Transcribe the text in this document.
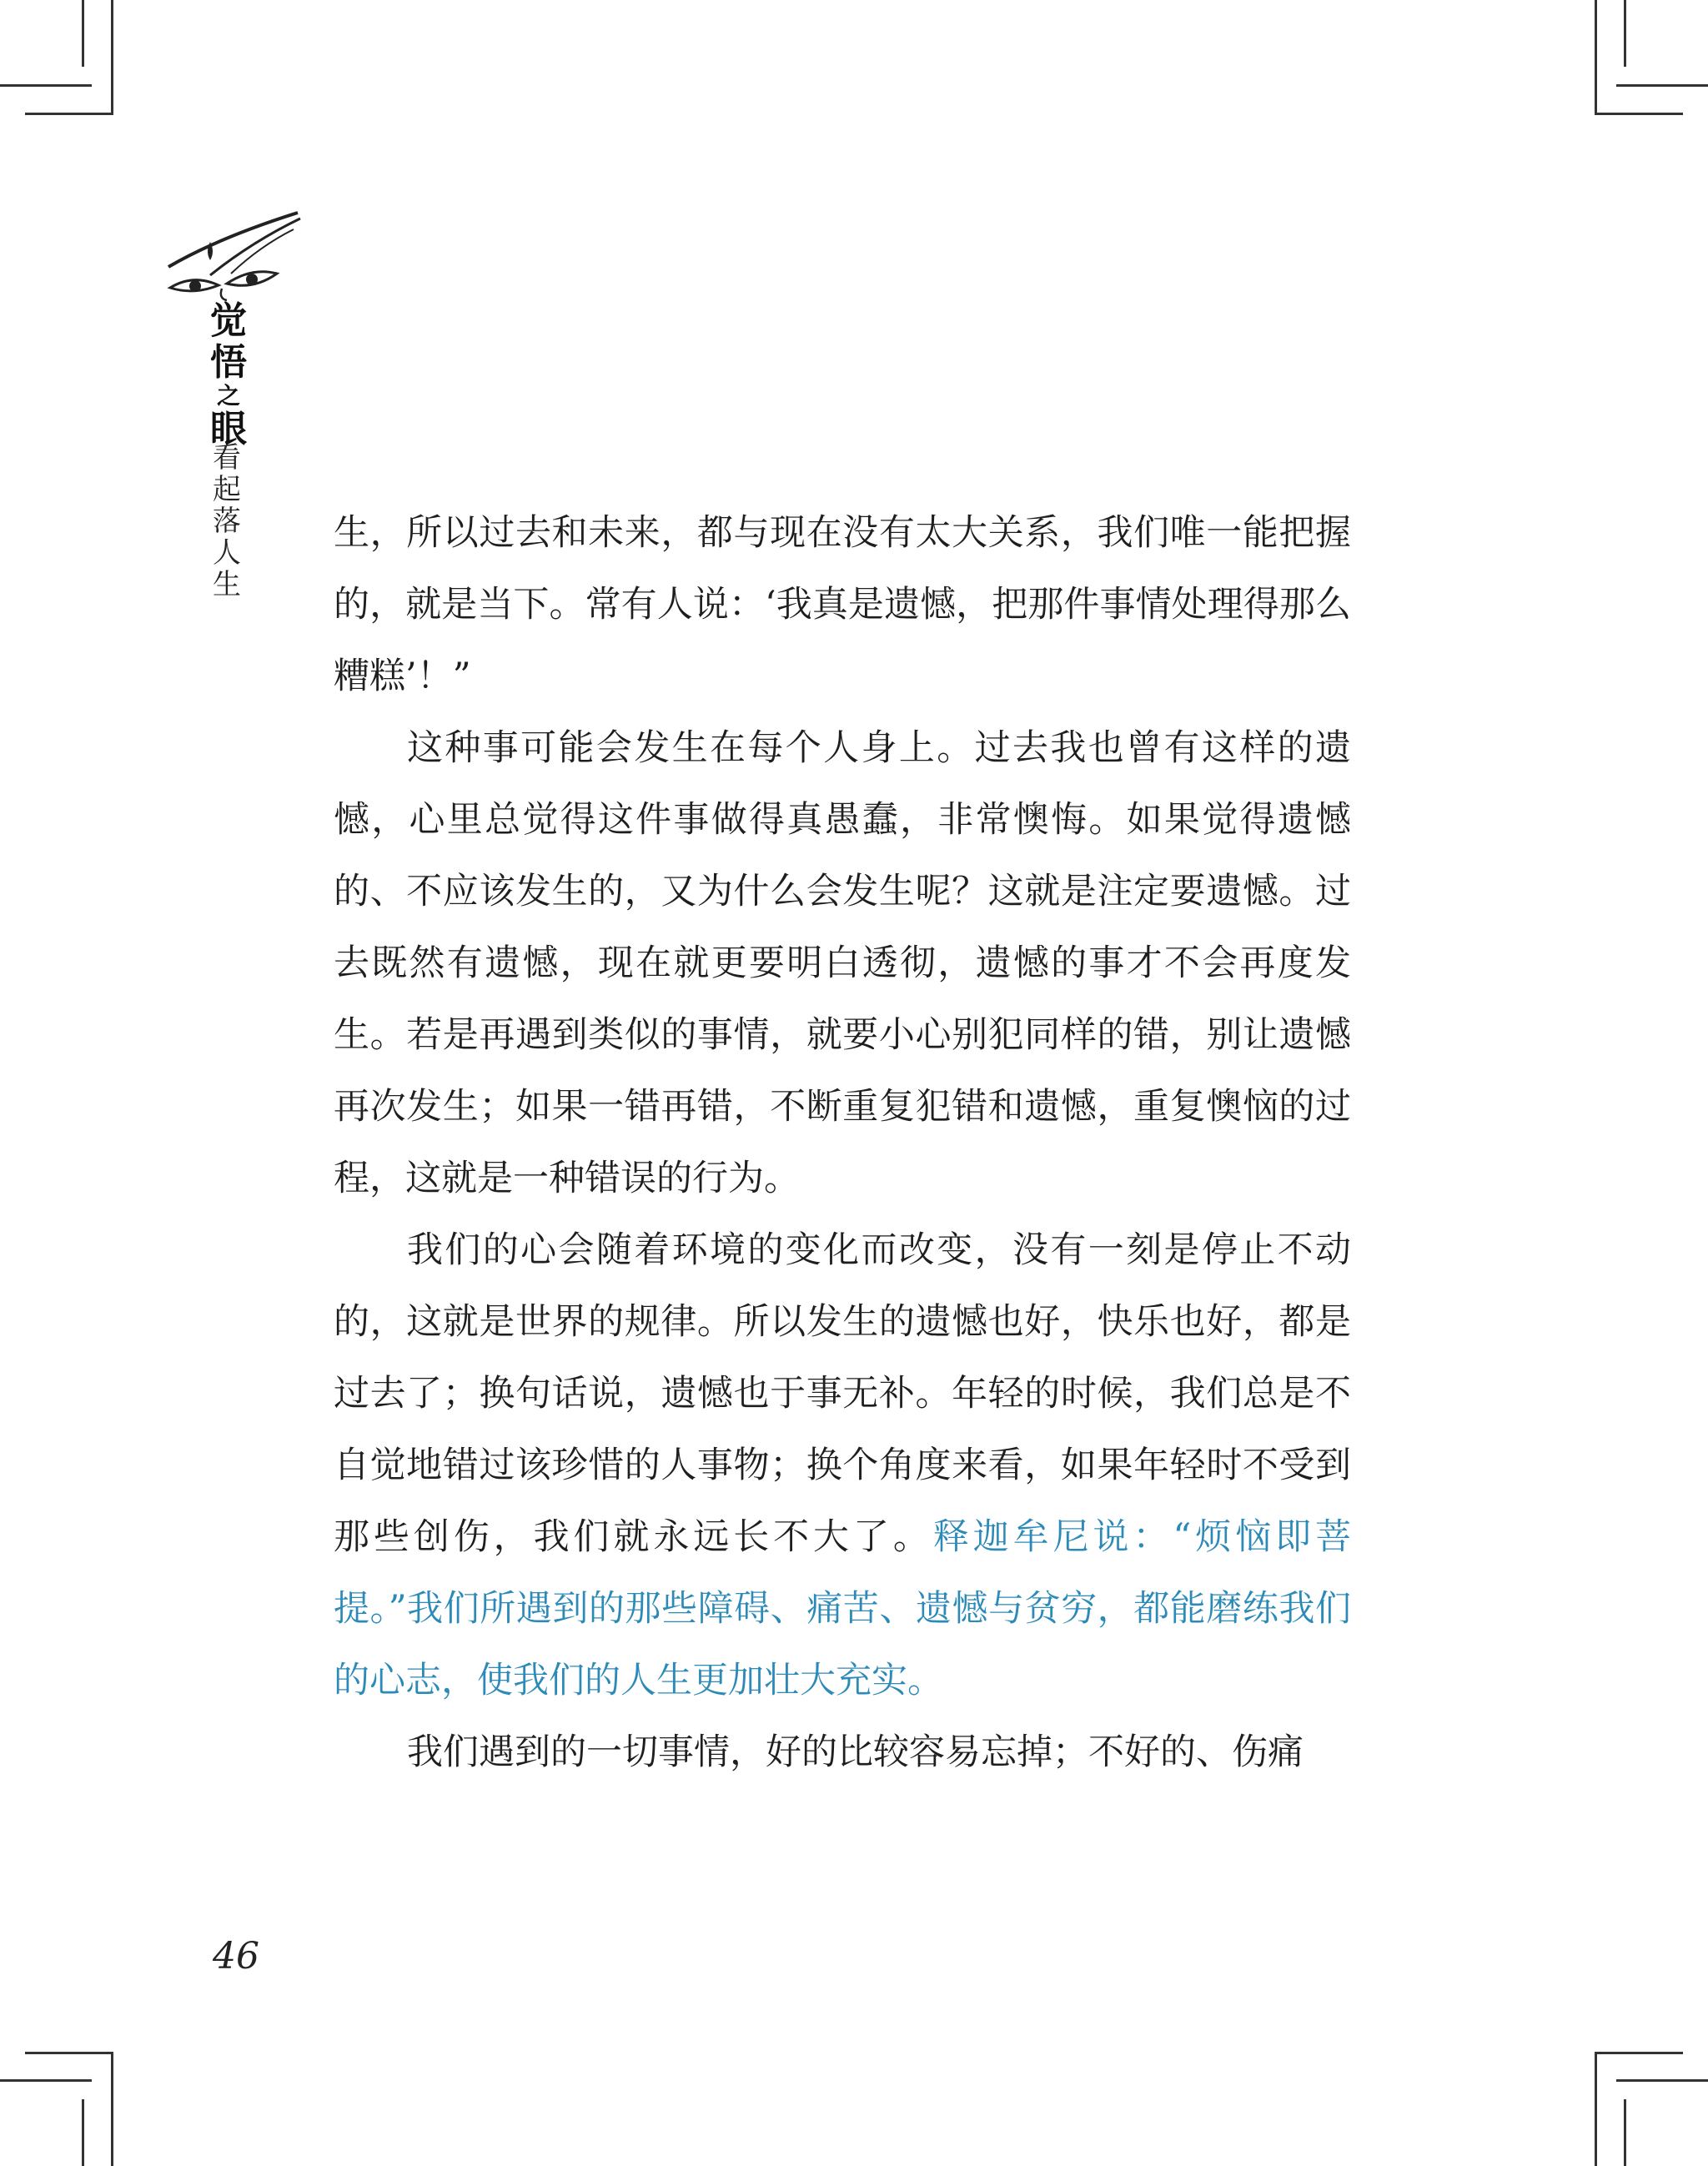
觉
悟
之
眼
看
起
落
人
生

生，所以过去和未来，都与现在没有太大关系，我们唯一能把握的，就是当下。常有人说：‘我真是遗憾，把那件事情处理得那么糟糕’！”

这种事可能会发生在每个人身上。过去我也曾有这样的遗憾，心里总觉得这件事做得真愚蠢，非常懊悔。如果觉得遗憾的、不应该发生的，又为什么会发生呢？这就是注定要遗憾。过去既然有遗憾，现在就更要明白透彻，遗憾的事才不会再度发生。若是再遇到类似的事情，就要小心别犯同样的错，别让遗憾再次发生；如果一错再错，不断重复犯错和遗憾，重复懊恼的过程，这就是一种错误的行为。

我们的心会随着环境的变化而改变，没有一刻是停止不动的，这就是世界的规律。所以发生的遗憾也好，快乐也好，都是过去了；换句话说，遗憾也于事无补。年轻的时候，我们总是不自觉地错过该珍惜的人事物；换个角度来看，如果年轻时不受到那些创伤，我们就永远长不大了。释迦牟尼说：“烦恼即菩提。”我们所遇到的那些障碍、痛苦、遗憾与贫穷，都能磨练我们的心志，使我们的人生更加壮大充实。

我们遇到的一切事情，好的比较容易忘掉；不好的、伤痛

46
